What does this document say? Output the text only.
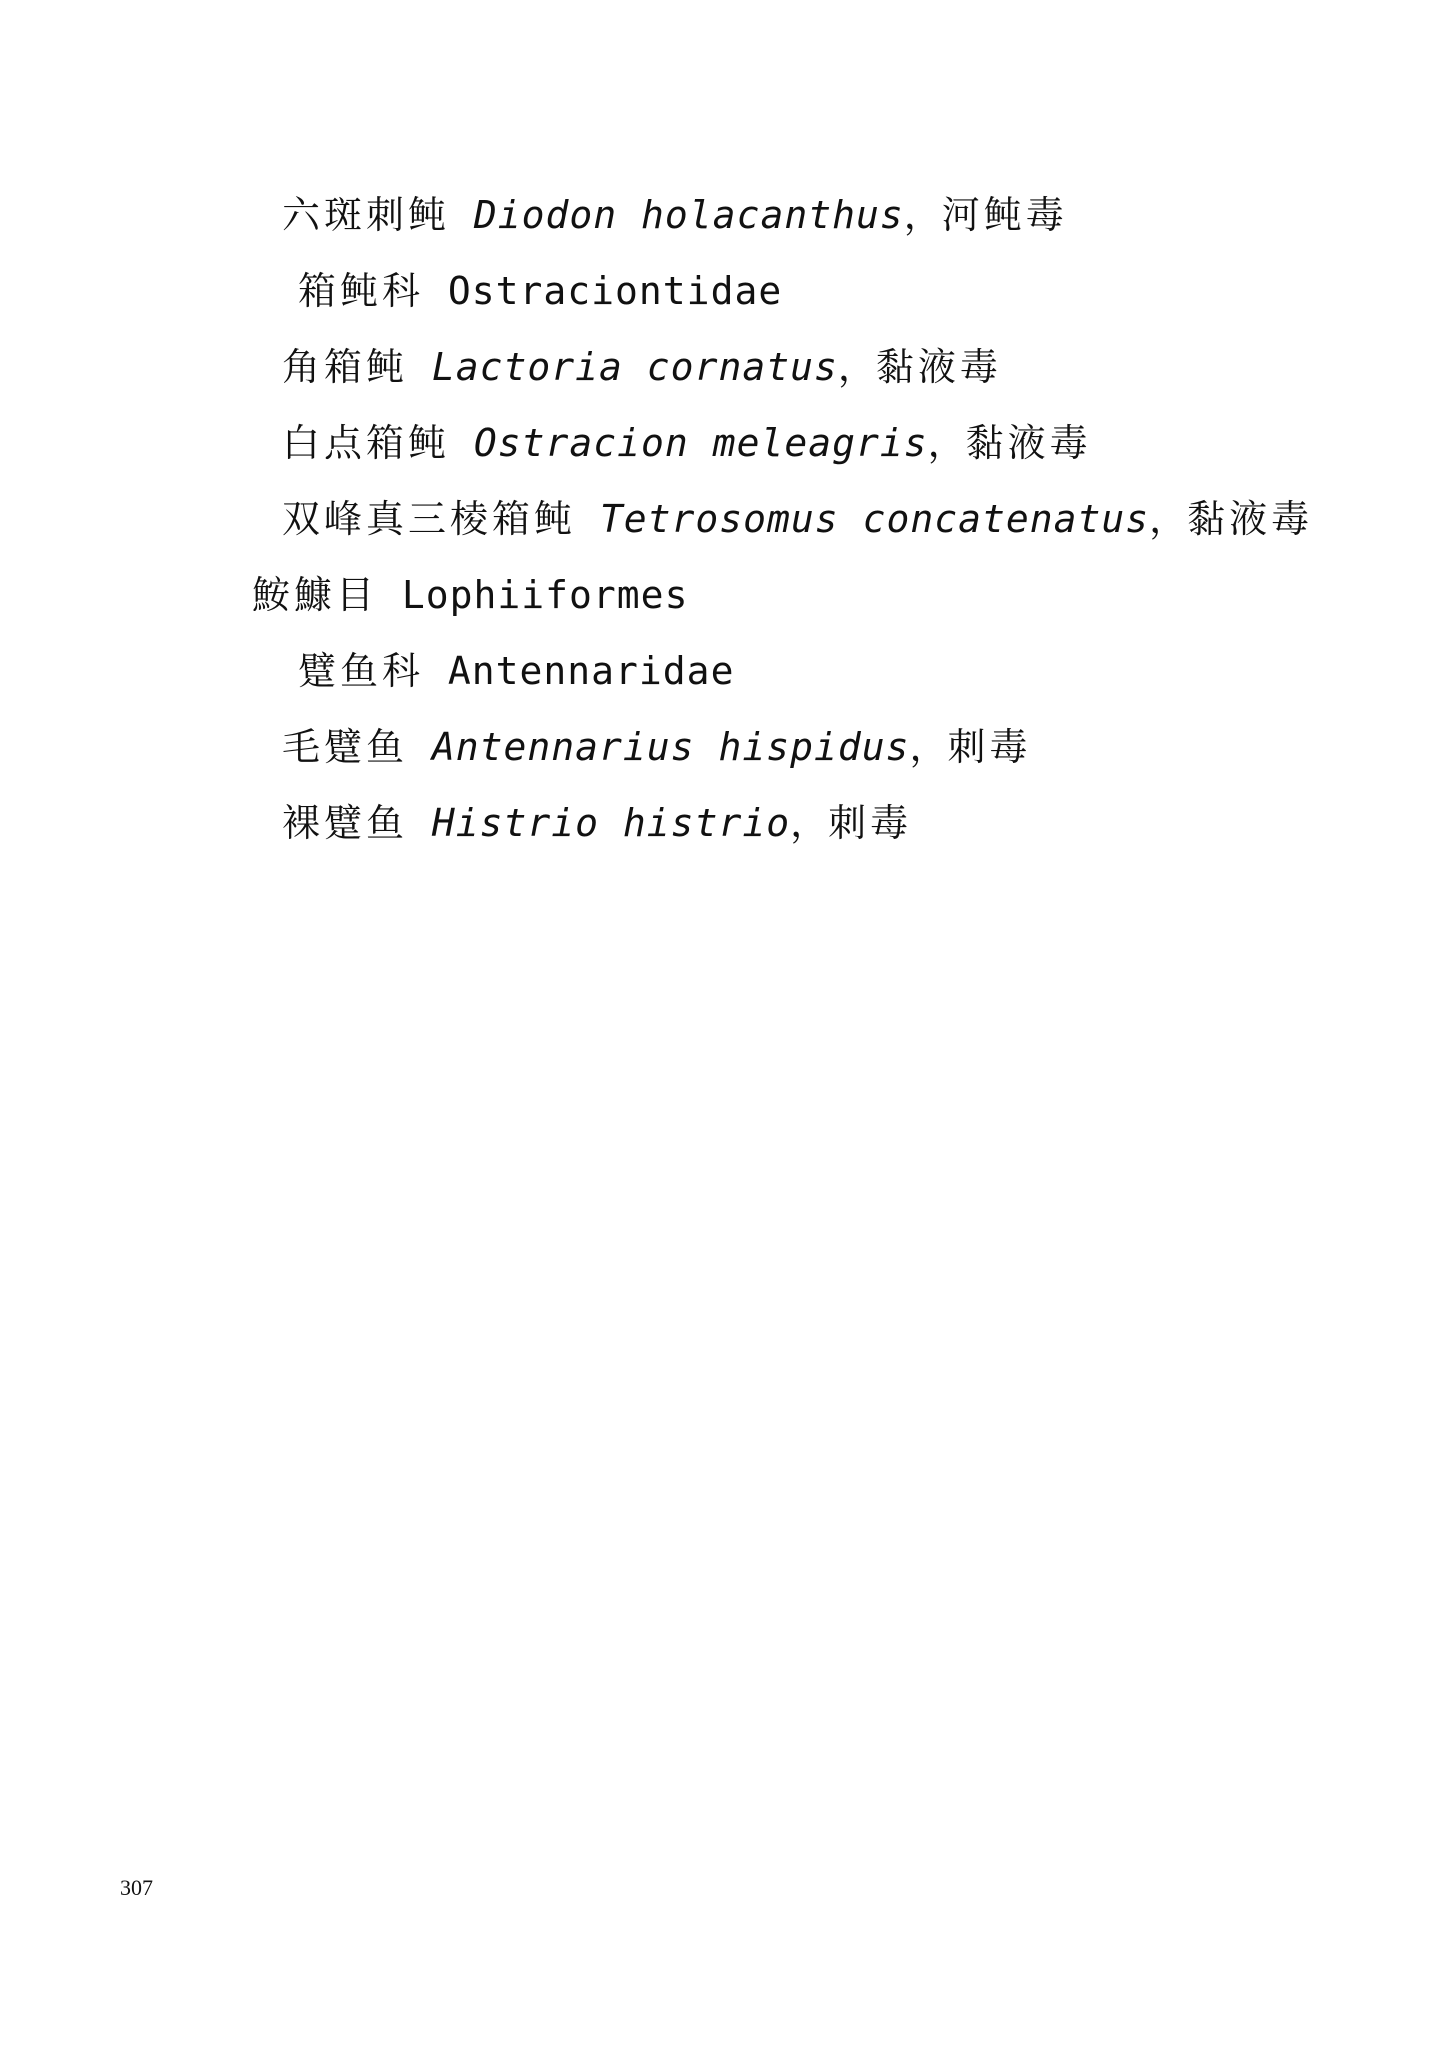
六斑刺鲀 Diodon holacanthus，河鲀毒
箱鲀科 Ostraciontidae
角箱鲀 Lactoria cornatus，黏液毒
白点箱鲀 Ostracion meleagris，黏液毒
双峰真三棱箱鲀 Tetrosomus concatenatus，黏液毒
鮟鱇目 Lophiiformes
躄鱼科 Antennaridae
毛躄鱼 Antennarius hispidus，刺毒
裸躄鱼 Histrio histrio，刺毒
307
